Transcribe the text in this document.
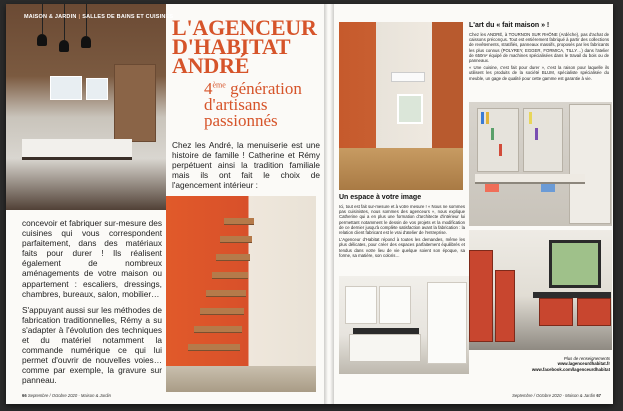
MAISON & JARDIN | SALLES DE BAINS ET CUISINES
L'AGENCEUR
D'HABITAT
ANDRÉ
4ème génération d'artisans passionnés
Chez les André, la menuiserie est une histoire de famille ! Catherine et Rémy perpétuent ainsi la tradition familiale mais ils ont fait le choix de l'agencement intérieur :

concevoir et fabriquer sur-mesure des cuisines qui vous correspondent parfaitement, dans des matériaux faits pour durer ! Ils réalisent également de nombreux aménagements de votre maison ou appartement : escaliers, dressings, chambres, bureaux, salon, mobilier…

S'appuyant aussi sur les méthodes de fabrication traditionnelles, Rémy a su s'adapter à l'évolution des techniques et du matériel notamment la commande numérique ce qui lui permet d'ouvrir de nouvelles voies… comme par exemple, la gravure sur panneau.

66 Septembre / Octobre 2020 · Maison & Jardin
L'art du « fait maison » !

Chez les ANDRÉ, à TOURNON SUR RHÔNE (Ardèche), pas d'achat de caissons préconçus. Tout est entièrement fabriqué à partir des collections de revêtements, stratifiés, panneaux massifs, proposés par les fabricants les plus connus (POLYREY, EGGER, FORMICA, TILLY…) dans l'atelier de 650m² équipé de machines spécialisées dans le travail du bois ou de panneaux.

« Une cuisine, c'est fait pour durer », c'est la raison pour laquelle ils utilisent les produits de la société BLUM, spécialiste spécialisée du meuble, un gage de qualité pour cette gamme est garantie à vie.

Un espace à votre image

Ici, tout est fait sur-mesure et à votre mesure ! « Nous ne sommes pas cuisinistes, nous sommes des agenceurs », nous explique Catherine qui a en plus une formation d'architecte d'intérieur lui permettant notamment le dessin de vos projets et la modification de ce dernier jusqu'à complète satisfaction avant la fabrication : la relation client fabricant est le vrai d'atelier de l'entreprise.

L'Agenceur d'Habitat répond à toutes les demandes, même les plus délicates, pour créer des espaces parfaitement équilibrés et tendus dans votre lieu de vie quelque soient son époque, sa forme, sa matière, son coloris…

Plus de renseignements
www.lagenceurdhabitat.fr
www.facebook.com/lagenceurdhabitat
Septembre / Octobre 2020 · Maison & Jardin 67
